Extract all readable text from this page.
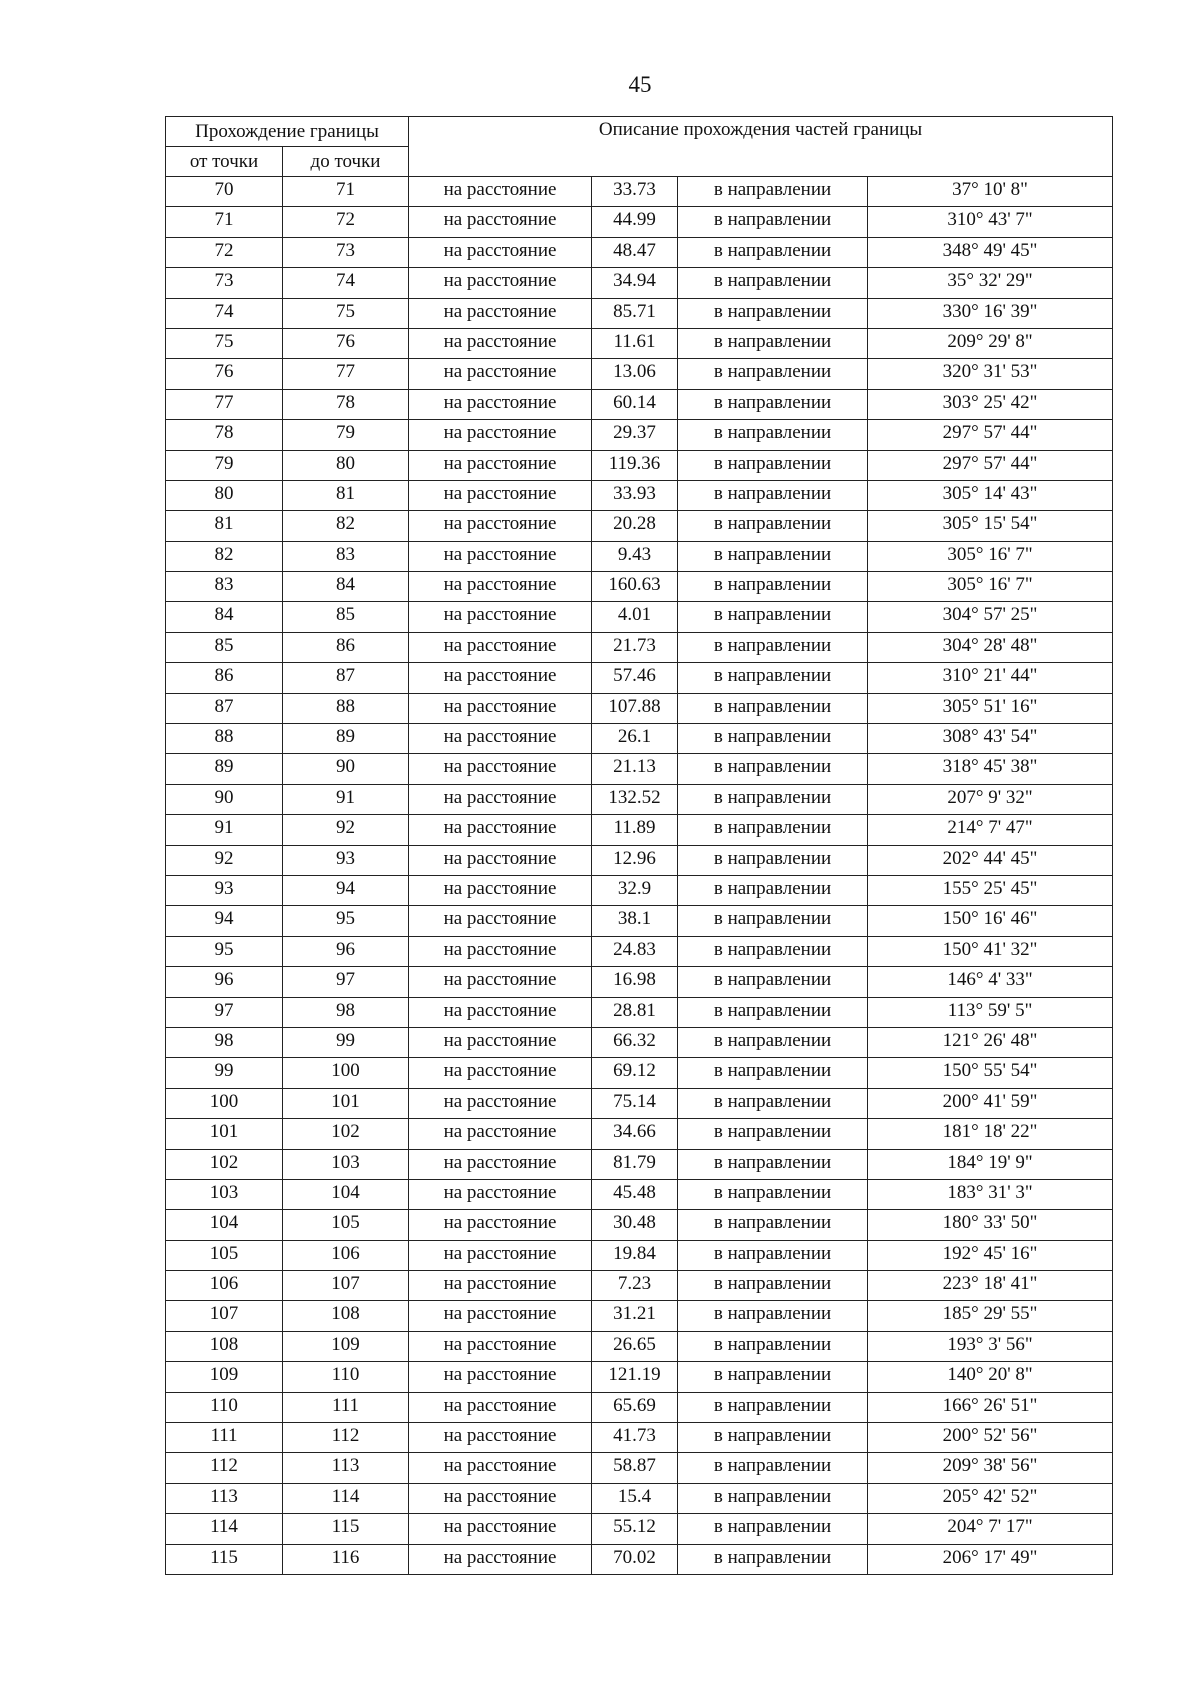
45
Прохождение границы		Описание прохождения частей границы			
от точки	до точки				
70	71	на расстояние	33.73	в направлении	37° 10' 8"
71	72	на расстояние	44.99	в направлении	310° 43' 7"
72	73	на расстояние	48.47	в направлении	348° 49' 45"
73	74	на расстояние	34.94	в направлении	35° 32' 29"
74	75	на расстояние	85.71	в направлении	330° 16' 39"
75	76	на расстояние	11.61	в направлении	209° 29' 8"
76	77	на расстояние	13.06	в направлении	320° 31' 53"
77	78	на расстояние	60.14	в направлении	303° 25' 42"
78	79	на расстояние	29.37	в направлении	297° 57' 44"
79	80	на расстояние	119.36	в направлении	297° 57' 44"
80	81	на расстояние	33.93	в направлении	305° 14' 43"
81	82	на расстояние	20.28	в направлении	305° 15' 54"
82	83	на расстояние	9.43	в направлении	305° 16' 7"
83	84	на расстояние	160.63	в направлении	305° 16' 7"
84	85	на расстояние	4.01	в направлении	304° 57' 25"
85	86	на расстояние	21.73	в направлении	304° 28' 48"
86	87	на расстояние	57.46	в направлении	310° 21' 44"
87	88	на расстояние	107.88	в направлении	305° 51' 16"
88	89	на расстояние	26.1	в направлении	308° 43' 54"
89	90	на расстояние	21.13	в направлении	318° 45' 38"
90	91	на расстояние	132.52	в направлении	207° 9' 32"
91	92	на расстояние	11.89	в направлении	214° 7' 47"
92	93	на расстояние	12.96	в направлении	202° 44' 45"
93	94	на расстояние	32.9	в направлении	155° 25' 45"
94	95	на расстояние	38.1	в направлении	150° 16' 46"
95	96	на расстояние	24.83	в направлении	150° 41' 32"
96	97	на расстояние	16.98	в направлении	146° 4' 33"
97	98	на расстояние	28.81	в направлении	113° 59' 5"
98	99	на расстояние	66.32	в направлении	121° 26' 48"
99	100	на расстояние	69.12	в направлении	150° 55' 54"
100	101	на расстояние	75.14	в направлении	200° 41' 59"
101	102	на расстояние	34.66	в направлении	181° 18' 22"
102	103	на расстояние	81.79	в направлении	184° 19' 9"
103	104	на расстояние	45.48	в направлении	183° 31' 3"
104	105	на расстояние	30.48	в направлении	180° 33' 50"
105	106	на расстояние	19.84	в направлении	192° 45' 16"
106	107	на расстояние	7.23	в направлении	223° 18' 41"
107	108	на расстояние	31.21	в направлении	185° 29' 55"
108	109	на расстояние	26.65	в направлении	193° 3' 56"
109	110	на расстояние	121.19	в направлении	140° 20' 8"
110	111	на расстояние	65.69	в направлении	166° 26' 51"
111	112	на расстояние	41.73	в направлении	200° 52' 56"
112	113	на расстояние	58.87	в направлении	209° 38' 56"
113	114	на расстояние	15.4	в направлении	205° 42' 52"
114	115	на расстояние	55.12	в направлении	204° 7' 17"
115	116	на расстояние	70.02	в направлении	206° 17' 49"
